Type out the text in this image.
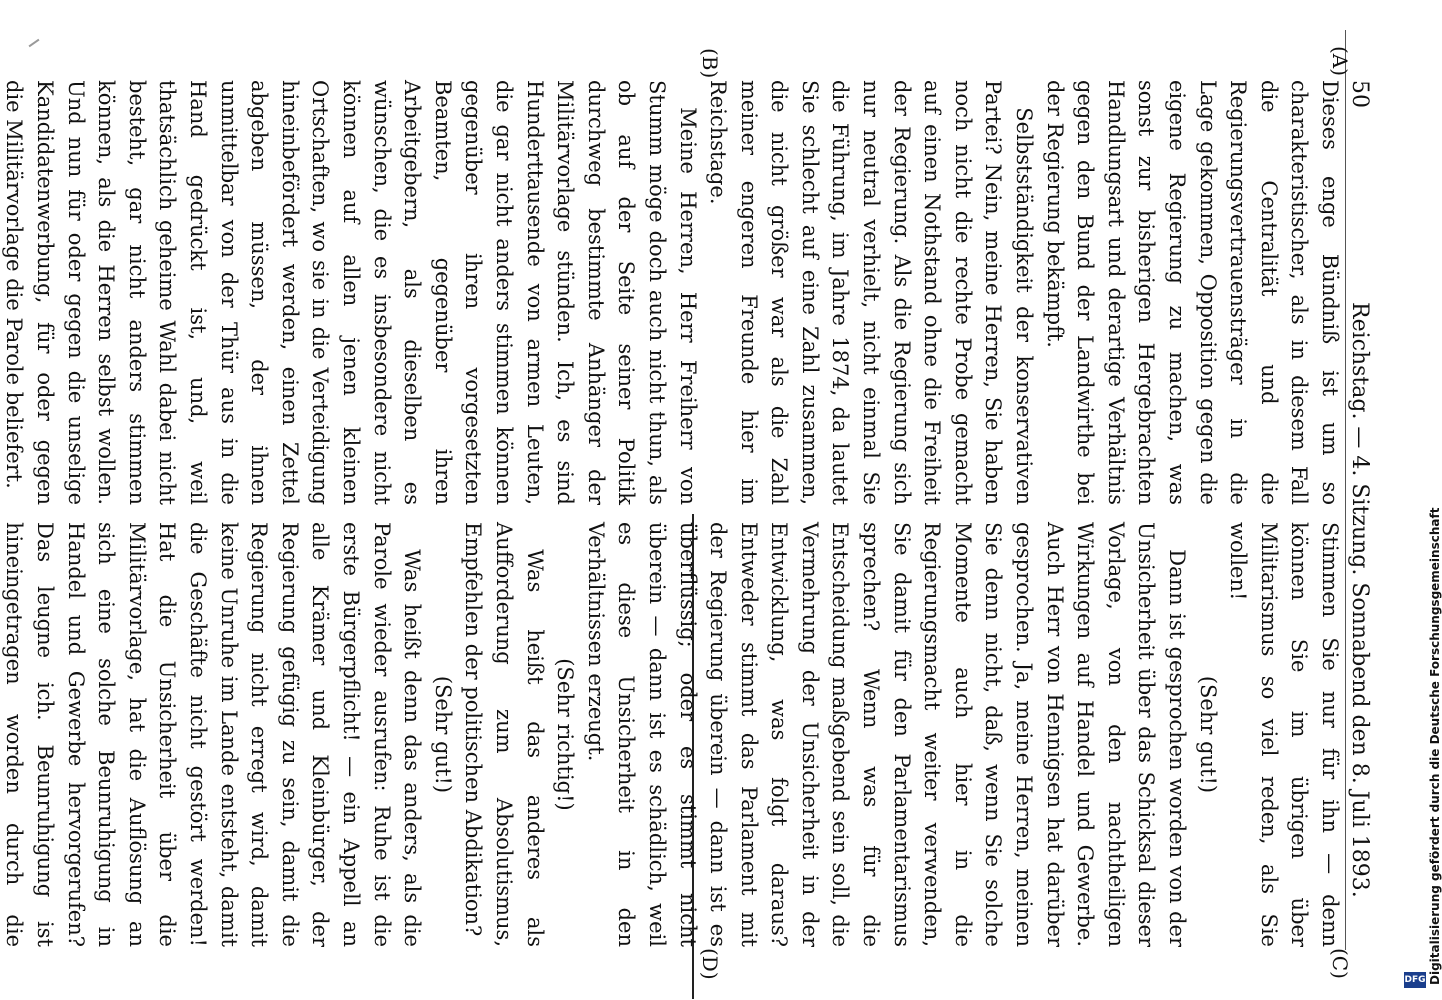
50  Reichstag. — 4. Sitzung. Sonnabend den 8. Juli 1893.
(A)
(B)
(C)
(D)

Dieses enge Bündniß ist um so charakteristischer, als in diesem Fall die Centralität und die Regierungsvertrauensträger in die Lage gekommen, Opposition gegen die eigene Regierung zu machen, was sonst zur bisherigen Hergebrachten Handlungsart und derartige Verhältnis gegen den Bund der Landwirthe bei der Regierung bekämpft.

Selbstständigkeit der konservativen Partei? Nein, meine Herren, Sie haben noch nicht die rechte Probe gemacht auf einen Nothstand ohne die Freiheit der Regierung. Als die Regierung sich nur neutral verhielt, nicht einmal Sie die Führung, im Jahre 1874, da lautet Sie schlecht auf eine Zahl zusammen, die nicht größer war als die Zahl meiner engeren Freunde hier im Reichstage.

Meine Herren, Herr Freiherr von Stumm möge doch auch nicht thun, als ob auf der Seite seiner Politik durchweg bestimmte Anhänger der Militärvorlage stünden. Ich, es sind Hunderttausende von armen Leuten, die gar nicht anders stimmen können gegenüber ihren vorgesetzten Beamten, gegenüber ihren Arbeitgebern, als dieselben es wünschen, die es insbesondere nicht können auf allen jenen kleinen Ortschaften, wo sie in die Verteidigung hineinbefördert werden, einen Zettel abgeben müssen, der ihnen unmittelbar von der Thür aus in die Hand gedrückt ist, und, weil thatsächlich geheime Wahl dabei nicht besteht, gar nicht anders stimmen können, als die Herren selbst wollen. Und nun für oder gegen die unselige Kandidatenwerbung, für oder gegen die Militärvorlage die Parole beliefert.

Stimmen Sie nur für ihn — denn können Sie im übrigen über Militarismus so viel reden, als Sie wollen!

(Sehr gut!)

Dann ist gesprochen worden von der Unsicherheit über das Schicksal dieser Vorlage, von den nachtheiligen Wirkungen auf Handel und Gewerbe. Auch Herr von Hennigsen hat darüber gesprochen. Ja, meine Herren, meinen Sie denn nicht, daß, wenn Sie solche Momente auch hier in die Regierungsmacht weiter verwenden, Sie damit für den Parlamentarismus sprechen? Wenn was für die Entscheidung maßgebend sein soll, die Vermehrung der Unsicherheit in der Entwicklung, was folgt daraus? Entweder stimmt das Parlament mit der Regierung überein — dann ist es überflüssig; oder es stimmt nicht überein — dann ist es schädlich, weil es diese Unsicherheit in den Verhältnissen erzeugt.

(Sehr richtig!)

Was heißt das anderes als Aufforderung zum Absolutismus, Empfehlen der politischen Abdikation?

(Sehr gut!)

Was heißt denn das anders, als die Parole wieder ausrufen: Ruhe ist die erste Bürgerpflicht! — ein Appell an alle Krämer und Kleinbürger, der Regierung gefügig zu sein, damit die Regierung nicht erregt wird, damit keine Unruhe im Lande entsteht, damit die Geschäfte nicht gestört werden! Hat die Unsicherheit über die Militärvorlage, hat die Auflösung an sich eine solche Beunruhigung in Handel und Gewerbe hervorgerufen? Das leugne ich. Beunruhigung ist hineingetragen worden durch die

DFG Digitalisierung gefördert durch die Deutsche Forschungsgemeinschaft
